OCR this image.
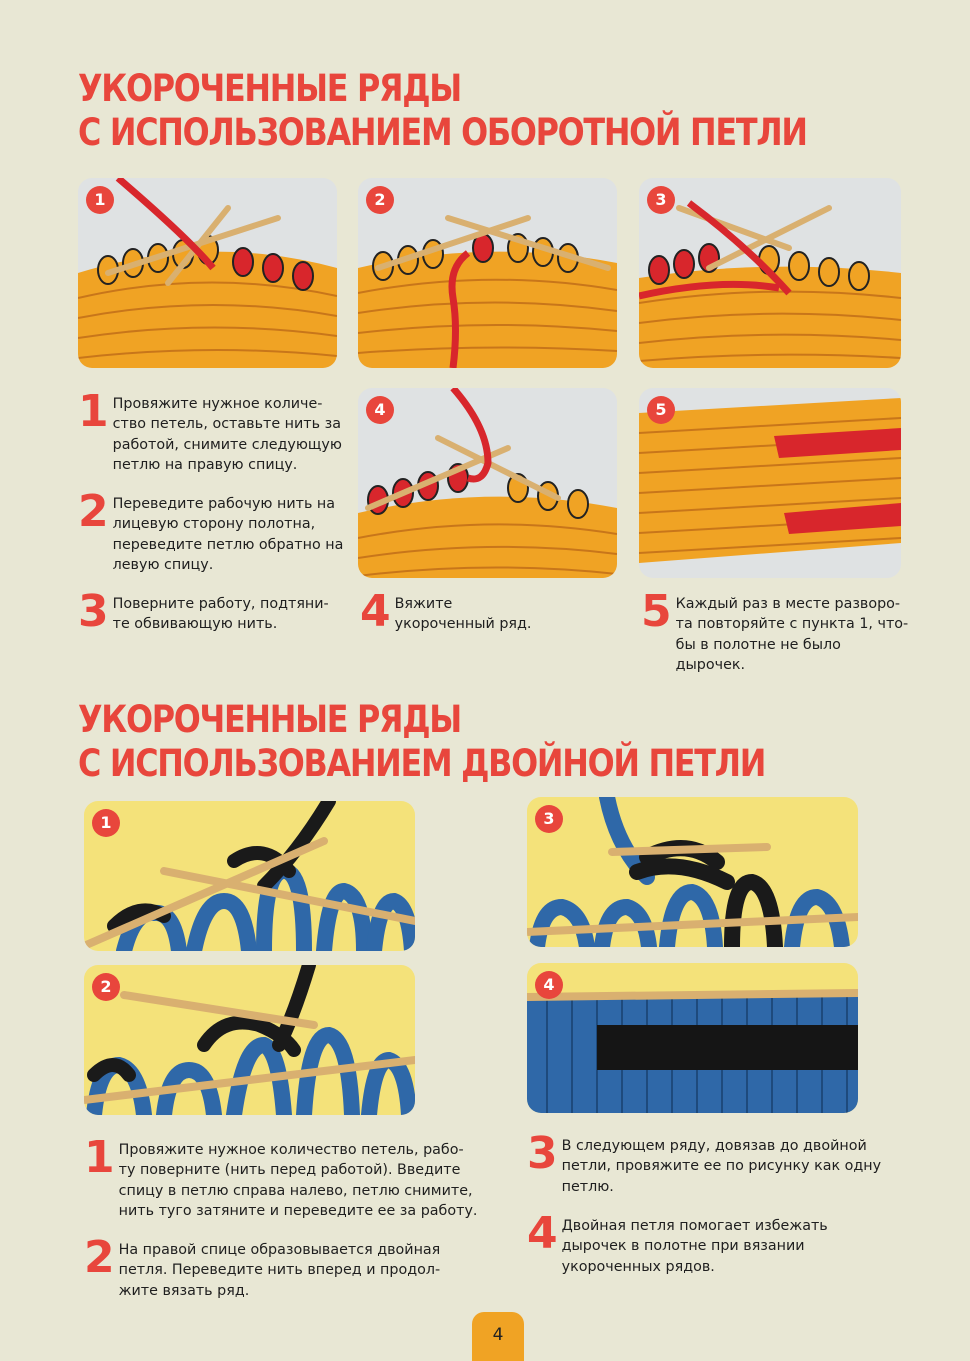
УКОРОЧЕННЫЕ РЯДЫ
С ИСПОЛЬЗОВАНИЕМ ОБОРОТНОЙ ПЕТЛИ
1	2	3
4	5
1 Провяжите нужное количе-
ство петель, оставьте нить за
работой, снимите следующую
петлю на правую спицу.
2 Переведите рабочую нить на
лицевую сторону полотна,
переведите петлю обратно на
левую спицу.
3 Поверните работу, подтяни-
те обвивающую нить.	4 Вяжите
укороченный ряд. 5 Каждый раз в месте разворо-
та повторяйте с пункта 1, что-
бы в полотне не было дырочек.
УКОРОЧЕННЫЕ РЯДЫ
С ИСПОЛЬЗОВАНИЕМ ДВОЙНОЙ ПЕТЛИ
1
2
3
4
1 Провяжите нужное количество петель, рабо-
ту поверните (нить перед работой). Введите
спицу в петлю справа налево, петлю снимите,
нить туго затяните и переведите ее за работу.
2 На правой спице образовывается двойная
петля. Переведите нить вперед и продол-
жите вязать ряд.
3 В следующем ряду, довязав до двойной
петли, провяжите ее по рисунку как одну
петлю.
4 Двойная петля помогает избежать
дырочек в полотне при вязании
укороченных рядов.
4
